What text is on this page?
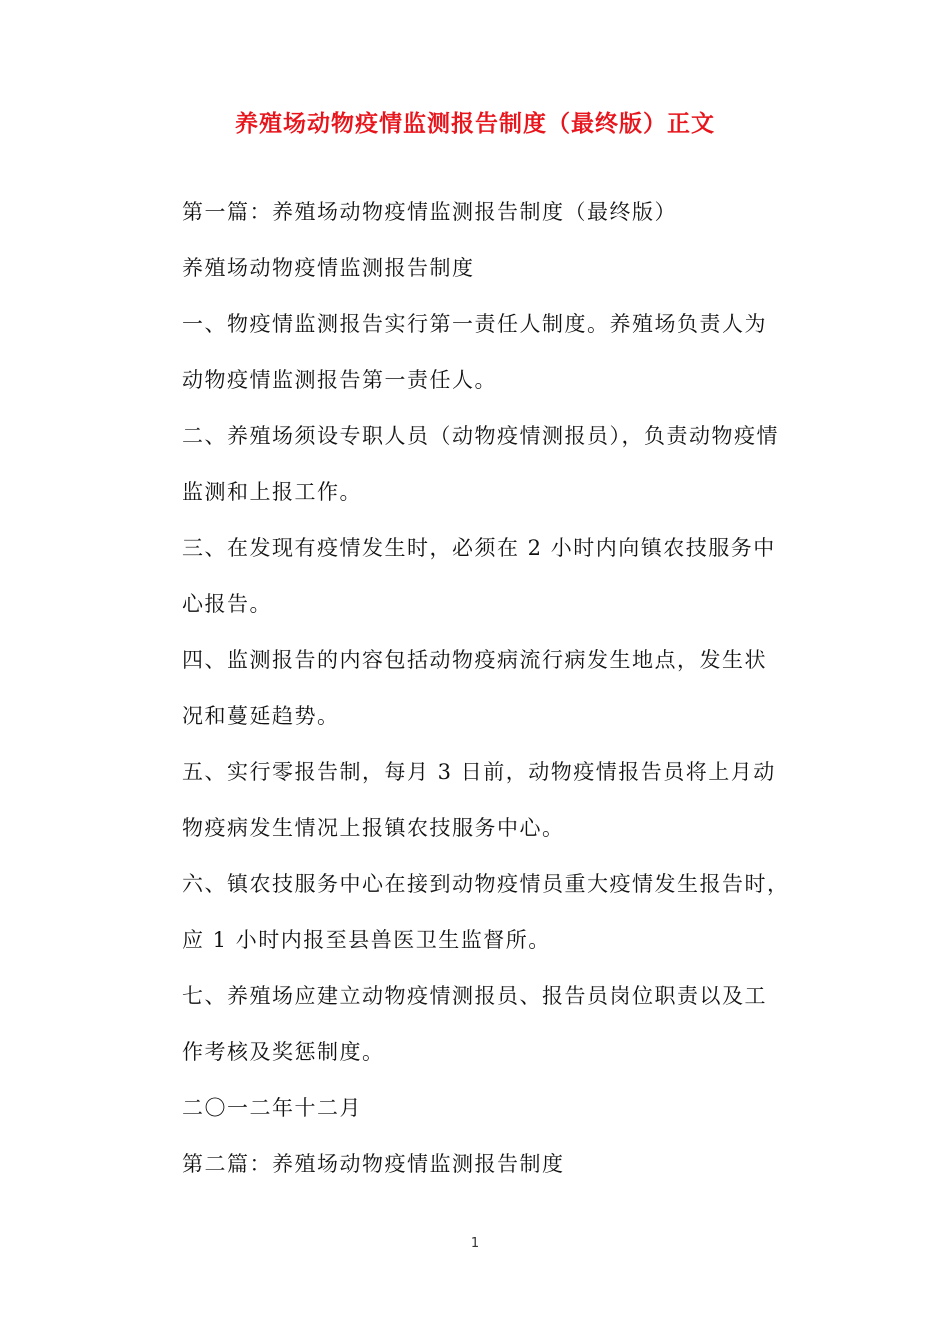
养殖场动物疫情监测报告制度（最终版）正文

第一篇：养殖场动物疫情监测报告制度（最终版）

养殖场动物疫情监测报告制度

一、物疫情监测报告实行第一责任人制度。养殖场负责人为
动物疫情监测报告第一责任人。

二、养殖场须设专职人员（动物疫情测报员），负责动物疫情
监测和上报工作。

三、在发现有疫情发生时，必须在 2 小时内向镇农技服务中
心报告。

四、监测报告的内容包括动物疫病流行病发生地点，发生状
况和蔓延趋势。

五、实行零报告制，每月 3 日前，动物疫情报告员将上月动
物疫病发生情况上报镇农技服务中心。

六、镇农技服务中心在接到动物疫情员重大疫情发生报告时，
应 1 小时内报至县兽医卫生监督所。

七、养殖场应建立动物疫情测报员、报告员岗位职责以及工
作考核及奖惩制度。

二〇一二年十二月

第二篇：养殖场动物疫情监测报告制度

1
